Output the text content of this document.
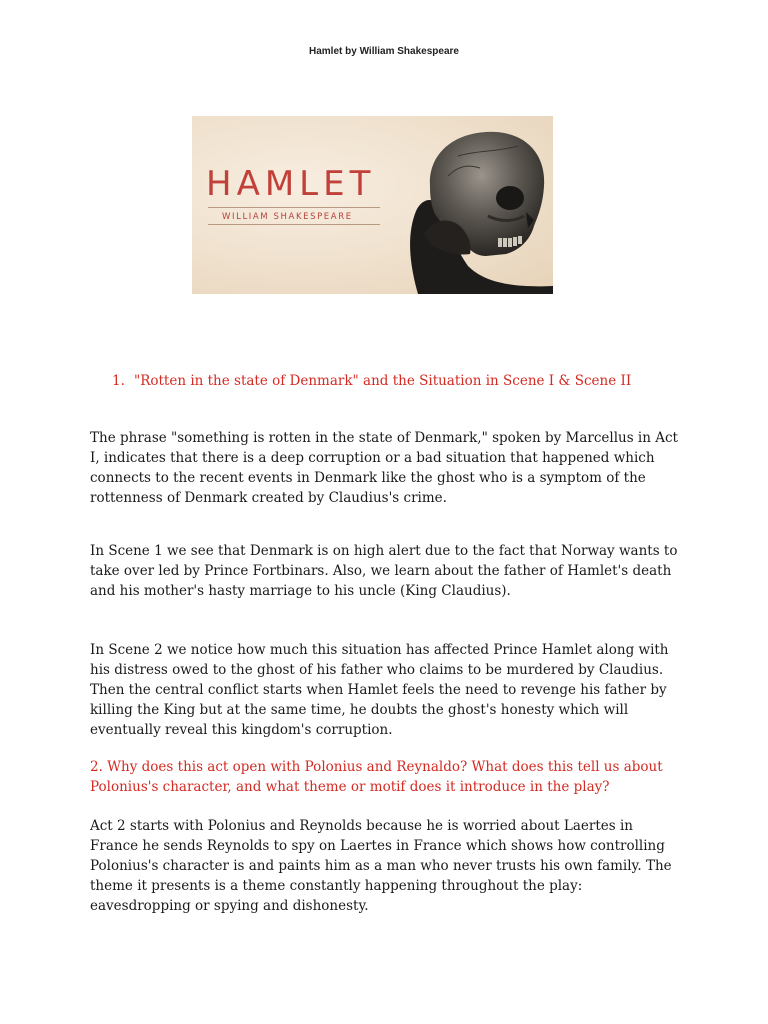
Hamlet by William Shakespeare
HAMLET
WILLIAM SHAKESPEARE

1. "Rotten in the state of Denmark" and the Situation in Scene I & Scene II

The phrase "something is rotten in the state of Denmark," spoken by Marcellus in Act I, indicates that there is a deep corruption or a bad situation that happened which connects to the recent events in Denmark like the ghost who is a symptom of the rottenness of Denmark created by Claudius's crime.

In Scene 1 we see that Denmark is on high alert due to the fact that Norway wants to take over led by Prince Fortbinars. Also, we learn about the father of Hamlet's death and his mother's hasty marriage to his uncle (King Claudius).

In Scene 2 we notice how much this situation has affected Prince Hamlet along with his distress owed to the ghost of his father who claims to be murdered by Claudius. Then the central conflict starts when Hamlet feels the need to revenge his father by killing the King but at the same time, he doubts the ghost's honesty which will eventually reveal this kingdom's corruption.

2. Why does this act open with Polonius and Reynaldo? What does this tell us about Polonius's character, and what theme or motif does it introduce in the play?

Act 2 starts with Polonius and Reynolds because he is worried about Laertes in France he sends Reynolds to spy on Laertes in France which shows how controlling Polonius's character is and paints him as a man who never trusts his own family. The theme it presents is a theme constantly happening throughout the play: eavesdropping or spying and dishonesty.
